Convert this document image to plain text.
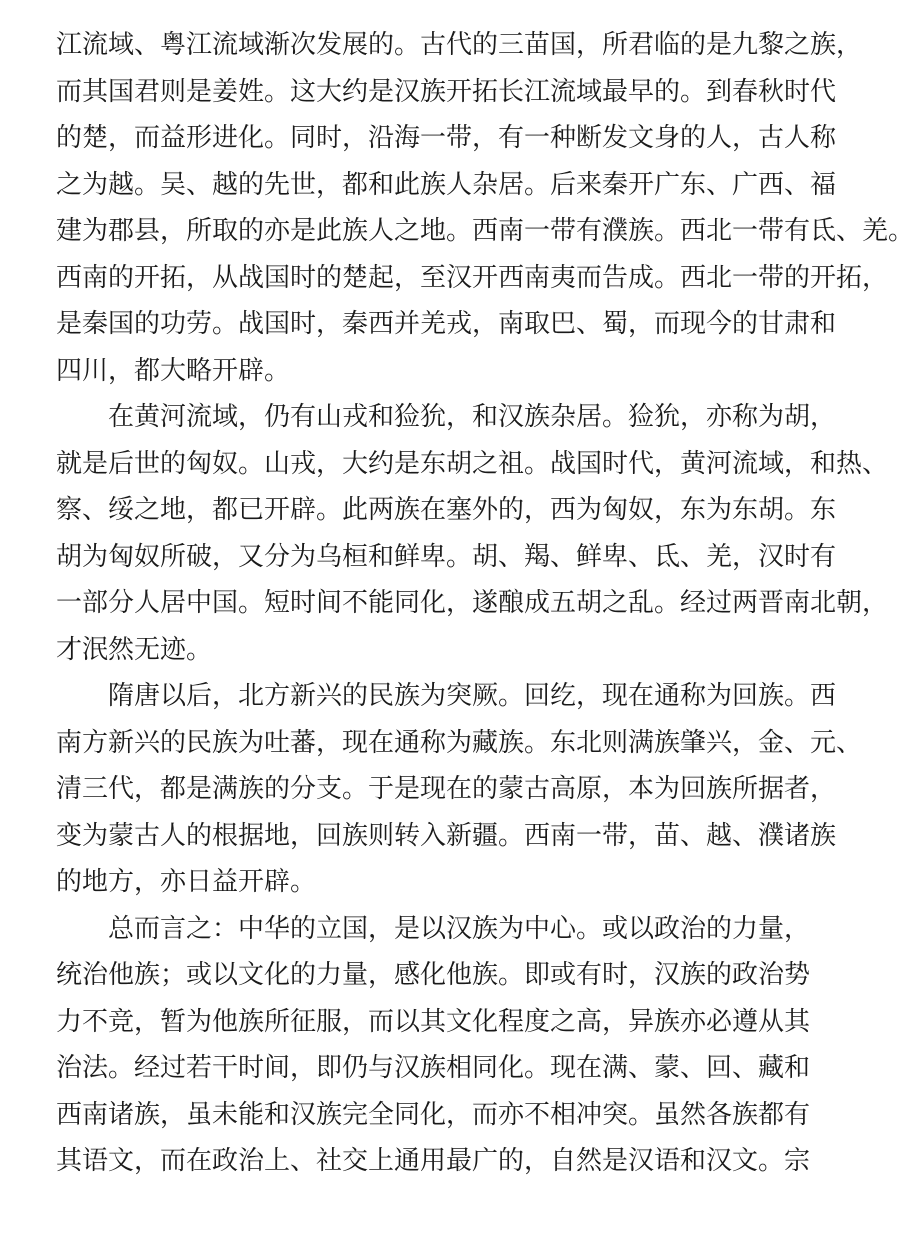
江流域、粤江流域渐次发展的。古代的三苗国，所君临的是九黎之族，
而其国君则是姜姓。这大约是汉族开拓长江流域最早的。到春秋时代
的楚，而益形进化。同时，沿海一带，有一种断发文身的人，古人称
之为越。吴、越的先世，都和此族人杂居。后来秦开广东、广西、福
建为郡县，所取的亦是此族人之地。西南一带有濮族。西北一带有氐、羌。
西南的开拓，从战国时的楚起，至汉开西南夷而告成。西北一带的开拓，
是秦国的功劳。战国时，秦西并羌戎，南取巴、蜀，而现今的甘肃和
四川，都大略开辟。
在黄河流域，仍有山戎和猃狁，和汉族杂居。猃狁，亦称为胡，
就是后世的匈奴。山戎，大约是东胡之祖。战国时代，黄河流域，和热、
察、绥之地，都已开辟。此两族在塞外的，西为匈奴，东为东胡。东
胡为匈奴所破，又分为乌桓和鲜卑。胡、羯、鲜卑、氐、羌，汉时有
一部分人居中国。短时间不能同化，遂酿成五胡之乱。经过两晋南北朝，
才泯然无迹。
隋唐以后，北方新兴的民族为突厥。回纥，现在通称为回族。西
南方新兴的民族为吐蕃，现在通称为藏族。东北则满族肇兴，金、元、
清三代，都是满族的分支。于是现在的蒙古高原，本为回族所据者，
变为蒙古人的根据地，回族则转入新疆。西南一带，苗、越、濮诸族
的地方，亦日益开辟。
总而言之：中华的立国，是以汉族为中心。或以政治的力量，
统治他族；或以文化的力量，感化他族。即或有时，汉族的政治势
力不竞，暂为他族所征服，而以其文化程度之高，异族亦必遵从其
治法。经过若干时间，即仍与汉族相同化。现在满、蒙、回、藏和
西南诸族，虽未能和汉族完全同化，而亦不相冲突。虽然各族都有
其语文，而在政治上、社交上通用最广的，自然是汉语和汉文。宗
